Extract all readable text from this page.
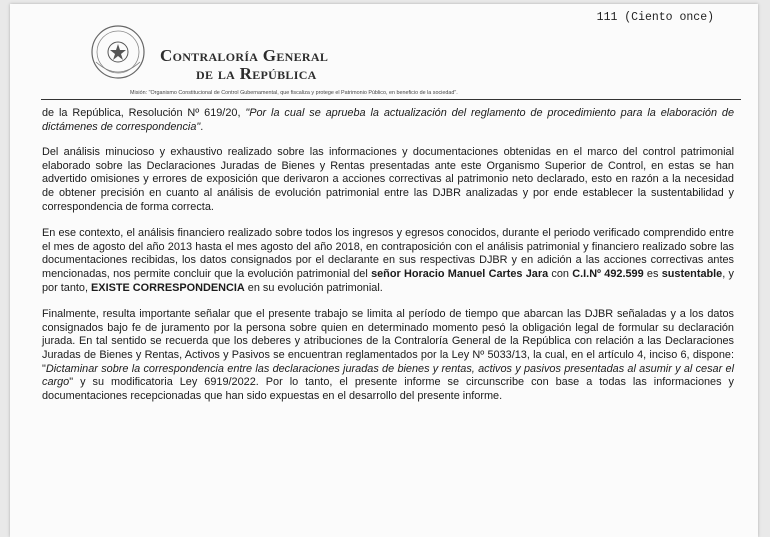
111 (Ciento once)
Contraloría General
de la República
Misión: "Organismo Constitucional de Control Gubernamental, que fiscaliza y protege el Patrimonio Público, en beneficio de la sociedad".

de la República, Resolución Nº 619/20, "Por la cual se aprueba la actualización del reglamento de procedimiento para la elaboración de dictámenes de correspondencia".

Del análisis minucioso y exhaustivo realizado sobre las informaciones y documentaciones obtenidas en el marco del control patrimonial elaborado sobre las Declaraciones Juradas de Bienes y Rentas presentadas ante este Organismo Superior de Control, en estas se han advertido omisiones y errores de exposición que derivaron a acciones correctivas al patrimonio neto declarado, esto en razón a la necesidad de obtener precisión en cuanto al análisis de evolución patrimonial entre las DJBR analizadas y por ende establecer la sustentabilidad y correspondencia de forma correcta.

En ese contexto, el análisis financiero realizado sobre todos los ingresos y egresos conocidos, durante el periodo verificado comprendido entre el mes de agosto del año 2013 hasta el mes agosto del año 2018, en contraposición con el análisis patrimonial y financiero realizado sobre las documentaciones recibidas, los datos consignados por el declarante en sus respectivas DJBR y en adición a las acciones correctivas antes mencionadas, nos permite concluir que la evolución patrimonial del señor Horacio Manuel Cartes Jara con C.I.Nº 492.599 es sustentable, y por tanto, EXISTE CORRESPONDENCIA en su evolución patrimonial.

Finalmente, resulta importante señalar que el presente trabajo se limita al período de tiempo que abarcan las DJBR señaladas y a los datos consignados bajo fe de juramento por la persona sobre quien en determinado momento pesó la obligación legal de formular su declaración jurada. En tal sentido se recuerda que los deberes y atribuciones de la Contraloría General de la República con relación a las Declaraciones Juradas de Bienes y Rentas, Activos y Pasivos se encuentran reglamentados por la Ley Nº 5033/13, la cual, en el artículo 4, inciso 6, dispone: "Dictaminar sobre la correspondencia entre las declaraciones juradas de bienes y rentas, activos y pasivos presentadas al asumir y al cesar el cargo" y su modificatoria Ley 6919/2022. Por lo tanto, el presente informe se circunscribe con base a todas las informaciones y documentaciones recepcionadas que han sido expuestas en el desarrollo del presente informe.
